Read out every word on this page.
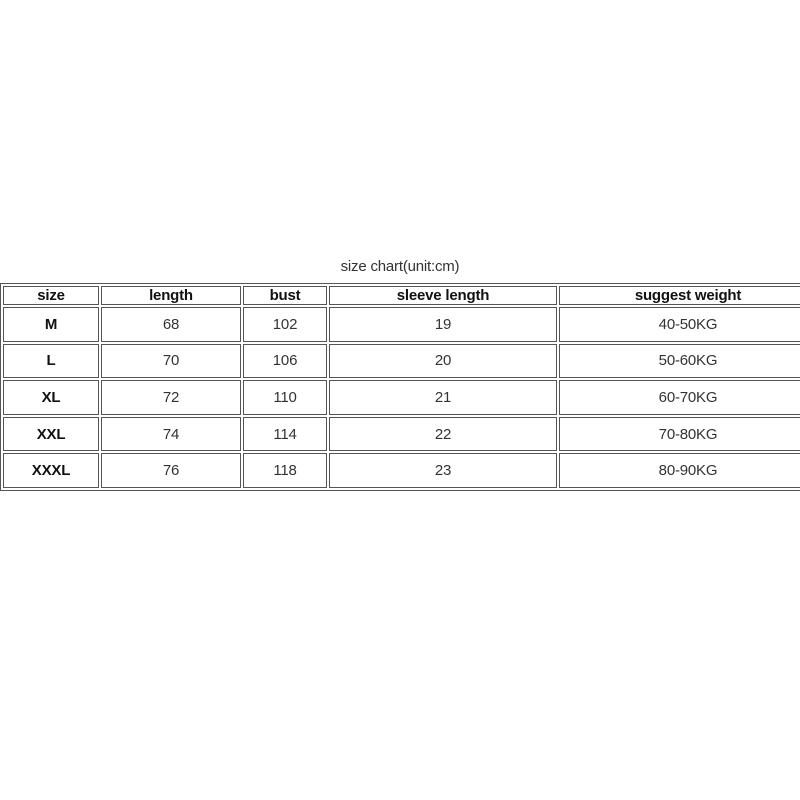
size chart(unit:cm)
size	length	bust	sleeve length	suggest weight
M	68	102	19	40-50KG
L	70	106	20	50-60KG
XL	72	110	21	60-70KG
XXL	74	114	22	70-80KG
XXXL	76	118	23	80-90KG
